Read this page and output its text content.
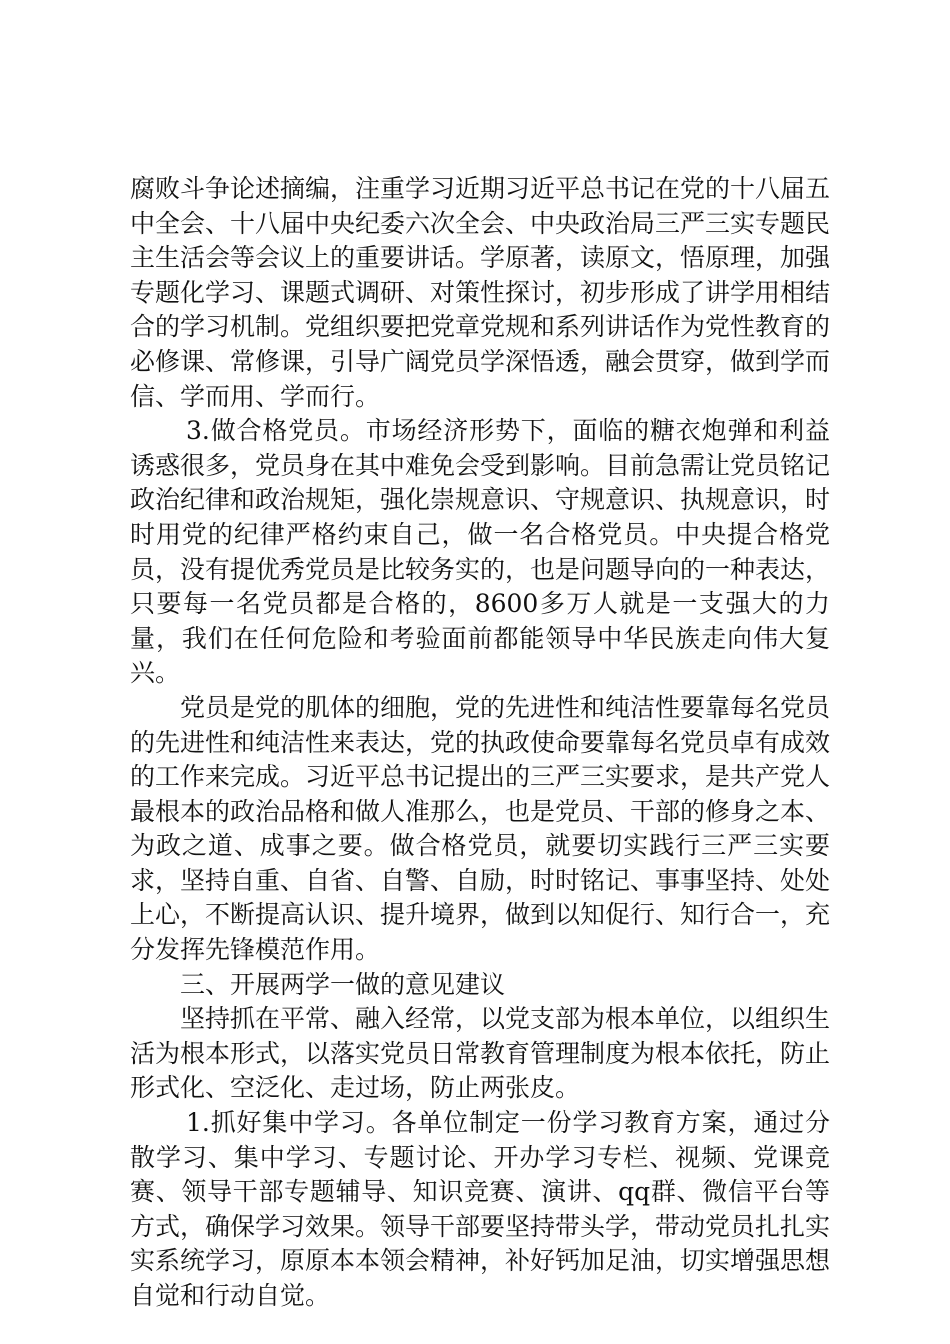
腐败斗争论述摘编，注重学习近期习近平总书记在党的十八届五中全会、十八届中央纪委六次全会、中央政治局三严三实专题民主生活会等会议上的重要讲话。学原著，读原文，悟原理，加强专题化学习、课题式调研、对策性探讨，初步形成了讲学用相结合的学习机制。党组织要把党章党规和系列讲话作为党性教育的必修课、常修课，引导广阔党员学深悟透，融会贯穿，做到学而信、学而用、学而行。

3.做合格党员。市场经济形势下，面临的糖衣炮弹和利益诱惑很多，党员身在其中难免会受到影响。目前急需让党员铭记政治纪律和政治规矩，强化崇规意识、守规意识、执规意识，时时用党的纪律严格约束自己，做一名合格党员。中央提合格党员，没有提优秀党员是比较务实的，也是问题导向的一种表达，只要每一名党员都是合格的，8600多万人就是一支强大的力量，我们在任何危险和考验面前都能领导中华民族走向伟大复兴。

党员是党的肌体的细胞，党的先进性和纯洁性要靠每名党员的先进性和纯洁性来表达，党的执政使命要靠每名党员卓有成效的工作来完成。习近平总书记提出的三严三实要求，是共产党人最根本的政治品格和做人准那么，也是党员、干部的修身之本、为政之道、成事之要。做合格党员，就要切实践行三严三实要求，坚持自重、自省、自警、自励，时时铭记、事事坚持、处处上心，不断提高认识、提升境界，做到以知促行、知行合一，充分发挥先锋模范作用。

三、开展两学一做的意见建议

坚持抓在平常、融入经常，以党支部为根本单位，以组织生活为根本形式，以落实党员日常教育管理制度为根本依托，防止形式化、空泛化、走过场，防止两张皮。

1.抓好集中学习。各单位制定一份学习教育方案，通过分散学习、集中学习、专题讨论、开办学习专栏、视频、党课竞赛、领导干部专题辅导、知识竞赛、演讲、qq群、微信平台等方式，确保学习效果。领导干部要坚持带头学，带动党员扎扎实实系统学习，原原本本领会精神，补好钙加足油，切实增强思想自觉和行动自觉。
